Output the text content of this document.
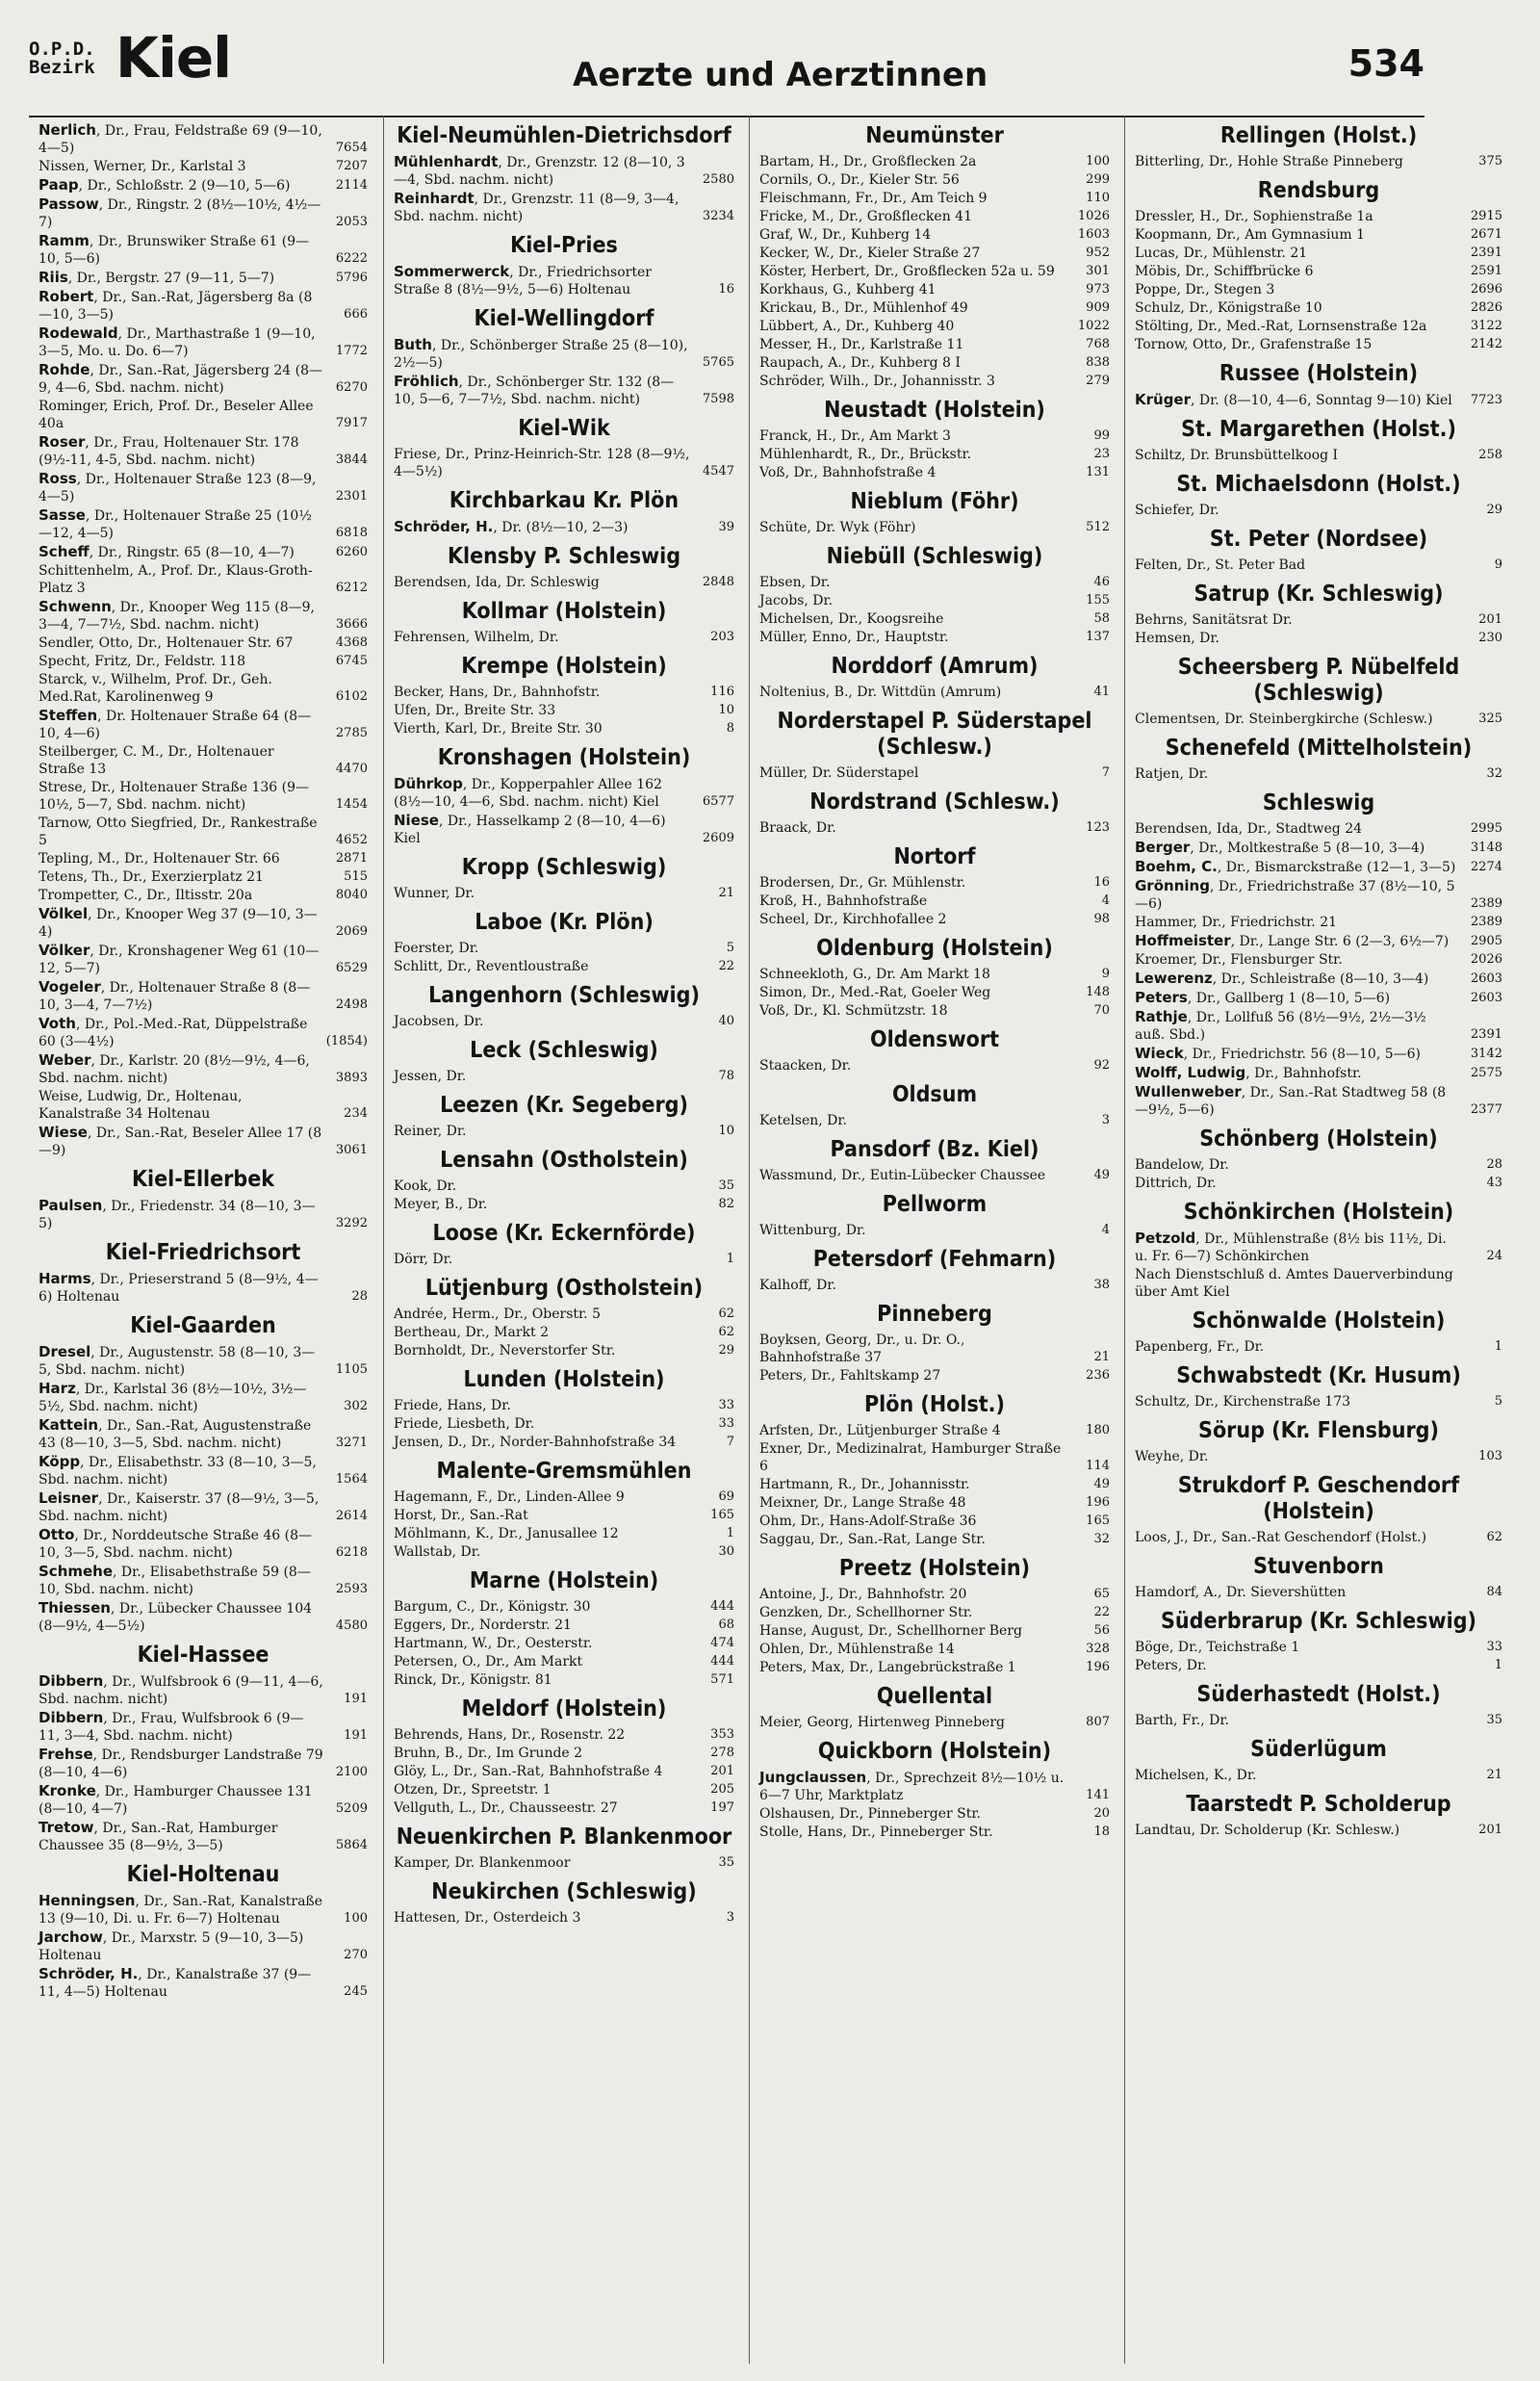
O.P.D.
Bezirk Kiel	Aerzte und Aerztinnen	534
Nerlich, Dr., Frau, Feldstraße 69 (9—10, 4—5)	7654
Nissen, Werner, Dr., Karlstal 3	7207
Paap, Dr., Schloßstr. 2 (9—10, 5—6)	2114
Passow, Dr., Ringstr. 2 (8½—10½, 4½—7)	2053
Ramm, Dr., Brunswiker Straße 61 (9—10, 5—6)	6222
Riis, Dr., Bergstr. 27 (9—11, 5—7)	5796
Robert, Dr., San.-Rat, Jägersberg 8a (8—10, 3—5)	666
Rodewald, Dr., Marthastraße 1 (9—10, 3—5, Mo. u. Do. 6—7)	1772
Rohde, Dr., San.-Rat, Jägersberg 24 (8—9, 4—6, Sbd. nachm. nicht)	6270
Rominger, Erich, Prof. Dr., Beseler Allee 40a	7917
Roser, Dr., Frau, Holtenauer Str. 178 (9½-11, 4-5, Sbd. nachm. nicht)	3844
Ross, Dr., Holtenauer Straße 123 (8—9, 4—5)	2301
Sasse, Dr., Holtenauer Straße 25 (10½—12, 4—5)	6818
Scheff, Dr., Ringstr. 65 (8—10, 4—7)	6260
Schittenhelm, A., Prof. Dr., Klaus-Groth-Platz 3	6212
Schwenn, Dr., Knooper Weg 115 (8—9, 3—4, 7—7½, Sbd. nachm. nicht)	3666
Sendler, Otto, Dr., Holtenauer Str. 67	4368
Specht, Fritz, Dr., Feldstr. 118	6745
Starck, v., Wilhelm, Prof. Dr., Geh. Med.Rat, Karolinenweg 9	6102
Steffen, Dr. Holtenauer Straße 64 (8—10, 4—6)	2785
Steilberger, C. M., Dr., Holtenauer Straße 13	4470
Strese, Dr., Holtenauer Straße 136 (9—10½, 5—7, Sbd. nachm. nicht)	1454
Tarnow, Otto Siegfried, Dr., Rankestraße 5	4652
Tepling, M., Dr., Holtenauer Str. 66	2871
Tetens, Th., Dr., Exerzierplatz 21	515
Trompetter, C., Dr., Iltisstr. 20a	8040
Völkel, Dr., Knooper Weg 37 (9—10, 3—4)	2069
Völker, Dr., Kronshagener Weg 61 (10—12, 5—7)	6529
Vogeler, Dr., Holtenauer Straße 8 (8—10, 3—4, 7—7½)	2498
Voth, Dr., Pol.-Med.-Rat, Düppelstraße 60 (3—4½)	(1854)
Weber, Dr., Karlstr. 20 (8½—9½, 4—6, Sbd. nachm. nicht)	3893
Weise, Ludwig, Dr., Holtenau, Kanalstraße 34 Holtenau	234
Wiese, Dr., San.-Rat, Beseler Allee 17 (8—9)	3061
Kiel-Ellerbek
Paulsen, Dr., Friedenstr. 34 (8—10, 3—5)	3292
Kiel-Friedrichsort
Harms, Dr., Prieserstrand 5 (8—9½, 4—6) Holtenau	28
Kiel-Gaarden
Dresel, Dr., Augustenstr. 58 (8—10, 3—5, Sbd. nachm. nicht)	1105
Harz, Dr., Karlstal 36 (8½—10½, 3½—5½, Sbd. nachm. nicht)	302
Kattein, Dr., San.-Rat, Augustenstraße 43 (8—10, 3—5, Sbd. nachm. nicht)	3271
Köpp, Dr., Elisabethstr. 33 (8—10, 3—5, Sbd. nachm. nicht)	1564
Leisner, Dr., Kaiserstr. 37 (8—9½, 3—5, Sbd. nachm. nicht)	2614
Otto, Dr., Norddeutsche Straße 46 (8—10, 3—5, Sbd. nachm. nicht)	6218
Schmehe, Dr., Elisabethstraße 59 (8—10, Sbd. nachm. nicht)	2593
Thiessen, Dr., Lübecker Chaussee 104 (8—9½, 4—5½)	4580
Kiel-Hassee
Dibbern, Dr., Wulfsbrook 6 (9—11, 4—6, Sbd. nachm. nicht)	191
Dibbern, Dr., Frau, Wulfsbrook 6 (9—11, 3—4, Sbd. nachm. nicht)	191
Frehse, Dr., Rendsburger Landstraße 79 (8—10, 4—6)	2100
Kronke, Dr., Hamburger Chaussee 131 (8—10, 4—7)	5209
Tretow, Dr., San.-Rat, Hamburger Chaussee 35 (8—9½, 3—5)	5864
Kiel-Holtenau
Henningsen, Dr., San.-Rat, Kanalstraße 13 (9—10, Di. u. Fr. 6—7) Holtenau	100
Jarchow, Dr., Marxstr. 5 (9—10, 3—5) Holtenau	270
Schröder, H., Dr., Kanalstraße 37 (9—11, 4—5) Holtenau	245
Kiel-Neumühlen-Dietrichsdorf
Mühlenhardt, Dr., Grenzstr. 12 (8—10, 3—4, Sbd. nachm. nicht)	2580
Reinhardt, Dr., Grenzstr. 11 (8—9, 3—4, Sbd. nachm. nicht)	3234
Kiel-Pries
Sommerwerck, Dr., Friedrichsorter Straße 8 (8½—9½, 5—6) Holtenau	16
Kiel-Wellingdorf
Buth, Dr., Schönberger Straße 25 (8—10), 2½—5)	5765
Fröhlich, Dr., Schönberger Str. 132 (8—10, 5—6, 7—7½, Sbd. nachm. nicht)	7598
Kiel-Wik
Friese, Dr., Prinz-Heinrich-Str. 128 (8—9½, 4—5½)	4547
Kirchbarkau Kr. Plön
Schröder, H., Dr. (8½—10, 2—3)	39
Klensby P. Schleswig
Berendsen, Ida, Dr. Schleswig	2848
Kollmar (Holstein)
Fehrensen, Wilhelm, Dr.	203
Krempe (Holstein)
Becker, Hans, Dr., Bahnhofstr.	116
Ufen, Dr., Breite Str. 33	10
Vierth, Karl, Dr., Breite Str. 30	8
Kronshagen (Holstein)
Dührkop, Dr., Kopperpahler Allee 162 (8½—10, 4—6, Sbd. nachm. nicht) Kiel	6577
Niese, Dr., Hasselkamp 2 (8—10, 4—6) Kiel	2609
Kropp (Schleswig)
Wunner, Dr.	21
Laboe (Kr. Plön)
Foerster, Dr.	5
Schlitt, Dr., Reventloustraße	22
Langenhorn (Schleswig)
Jacobsen, Dr.	40
Leck (Schleswig)
Jessen, Dr.	78
Leezen (Kr. Segeberg)
Reiner, Dr.	10
Lensahn (Ostholstein)
Kook, Dr.	35
Meyer, B., Dr.	82
Loose (Kr. Eckernförde)
Dörr, Dr.	1
Lütjenburg (Ostholstein)
Andrée, Herm., Dr., Oberstr. 5	62
Bertheau, Dr., Markt 2	62
Bornholdt, Dr., Neverstorfer Str.	29
Lunden (Holstein)
Friede, Hans, Dr.	33
Friede, Liesbeth, Dr.	33
Jensen, D., Dr., Norder-Bahnhofstraße 34	7
Malente-Gremsmühlen
Hagemann, F., Dr., Linden-Allee 9	69
Horst, Dr., San.-Rat	165
Möhlmann, K., Dr., Janusallee 12	1
Wallstab, Dr.	30
Marne (Holstein)
Bargum, C., Dr., Königstr. 30	444
Eggers, Dr., Norderstr. 21	68
Hartmann, W., Dr., Oesterstr.	474
Petersen, O., Dr., Am Markt	444
Rinck, Dr., Königstr. 81	571
Meldorf (Holstein)
Behrends, Hans, Dr., Rosenstr. 22	353
Bruhn, B., Dr., Im Grunde 2	278
Glöy, L., Dr., San.-Rat, Bahnhofstraße 4	201
Otzen, Dr., Spreetstr. 1	205
Vellguth, L., Dr., Chausseestr. 27	197
Neuenkirchen P. Blankenmoor
Kamper, Dr. Blankenmoor	35
Neukirchen (Schleswig)
Hattesen, Dr., Osterdeich 3	3
Neumünster
Bartam, H., Dr., Großflecken 2a	100
Cornils, O., Dr., Kieler Str. 56	299
Fleischmann, Fr., Dr., Am Teich 9	110
Fricke, M., Dr., Großflecken 41	1026
Graf, W., Dr., Kuhberg 14	1603
Kecker, W., Dr., Kieler Straße 27	952
Köster, Herbert, Dr., Großflecken 52a u. 59 301
Korkhaus, G., Kuhberg 41	973
Krickau, B., Dr., Mühlenhof 49	909
Lübbert, A., Dr., Kuhberg 40	1022
Messer, H., Dr., Karlstraße 11	768
Raupach, A., Dr., Kuhberg 8 I	838
Schröder, Wilh., Dr., Johannisstr. 3	279
Neustadt (Holstein)
Franck, H., Dr., Am Markt 3	99
Mühlenhardt, R., Dr., Brückstr.	23
Voß, Dr., Bahnhofstraße 4	131
Nieblum (Föhr)
Schüte, Dr. Wyk (Föhr)	512
Niebüll (Schleswig)
Ebsen, Dr.	46
Jacobs, Dr.	155
Michelsen, Dr., Koogsreihe	58
Müller, Enno, Dr., Hauptstr.	137
Norddorf (Amrum)
Noltenius, B., Dr. Wittdün (Amrum)	41
Norderstapel P. Süderstapel (Schlesw.)
Müller, Dr. Süderstapel	7
Nordstrand (Schlesw.)
Braack, Dr.	123
Nortorf
Brodersen, Dr., Gr. Mühlenstr.	16
Kroß, H., Bahnhofstraße	4
Scheel, Dr., Kirchhofallee 2	98
Oldenburg (Holstein)
Schneekloth, G., Dr. Am Markt 18	9
Simon, Dr., Med.-Rat, Goeler Weg	148
Voß, Dr., Kl. Schmützstr. 18	70
Oldenswort
Staacken, Dr.	92
Oldsum
Ketelsen, Dr.	3
Pansdorf (Bz. Kiel)
Wassmund, Dr., Eutin-Lübecker Chaussee	49
Pellworm
Wittenburg, Dr.	4
Petersdorf (Fehmarn)
Kalhoff, Dr.	38
Pinneberg
Boyksen, Georg, Dr., u. Dr. O., Bahnhofstraße 37	21
Peters, Dr., Fahltskamp 27	236
Plön (Holst.)
Arfsten, Dr., Lütjenburger Straße 4	180
Exner, Dr., Medizinalrat, Hamburger Straße 6	114
Hartmann, R., Dr., Johannisstr.	49
Meixner, Dr., Lange Straße 48	196
Ohm, Dr., Hans-Adolf-Straße 36	165
Saggau, Dr., San.-Rat, Lange Str.	32
Preetz (Holstein)
Antoine, J., Dr., Bahnhofstr. 20	65
Genzken, Dr., Schellhorner Str.	22
Hanse, August, Dr., Schellhorner Berg	56
Ohlen, Dr., Mühlenstraße 14	328
Peters, Max, Dr., Langebrückstraße 1	196
Quellental
Meier, Georg, Hirtenweg Pinneberg	807
Quickborn (Holstein)
Jungclaussen, Dr., Sprechzeit 8½—10½ u. 6—7 Uhr, Marktplatz	141
Olshausen, Dr., Pinneberger Str.	20
Stolle, Hans, Dr., Pinneberger Str.	18
Rellingen (Holst.)
Bitterling, Dr., Hohle Straße Pinneberg	375
Rendsburg
Dressler, H., Dr., Sophienstraße 1a	2915
Koopmann, Dr., Am Gymnasium 1	2671
Lucas, Dr., Mühlenstr. 21	2391
Möbis, Dr., Schiffbrücke 6	2591
Poppe, Dr., Stegen 3	2696
Schulz, Dr., Königstraße 10	2826
Stölting, Dr., Med.-Rat, Lornsenstraße 12a	3122
Tornow, Otto, Dr., Grafenstraße 15	2142
Russee (Holstein)
Krüger, Dr. (8—10, 4—6, Sonntag 9—10) Kiel 7723
St. Margarethen (Holst.)
Schiltz, Dr. Brunsbüttelkoog I	258
St. Michaelsdonn (Holst.)
Schiefer, Dr.	29
St. Peter (Nordsee)
Felten, Dr., St. Peter Bad	9
Satrup (Kr. Schleswig)
Behrns, Sanitätsrat Dr.	201
Hemsen, Dr.	230
Scheersberg P. Nübelfeld (Schleswig)
Clementsen, Dr. Steinbergkirche (Schlesw.)	325
Schenefeld (Mittelholstein)
Ratjen, Dr.	32
Schleswig
Berendsen, Ida, Dr., Stadtweg 24	2995
Berger, Dr., Moltkestraße 5 (8—10, 3—4)	3148
Boehm, C., Dr., Bismarckstraße (12—1, 3—5) 2274
Grönning, Dr., Friedrichstraße 37 (8½—10, 5—6)	2389
Hammer, Dr., Friedrichstr. 21	2389
Hoffmeister, Dr., Lange Str. 6 (2—3, 6½—7) 2905
Kroemer, Dr., Flensburger Str.	2026
Lewerenz, Dr., Schleistraße (8—10, 3—4)	2603
Peters, Dr., Gallberg 1 (8—10, 5—6)	2603
Rathje, Dr., Lollfuß 56 (8½—9½, 2½—3½ auß. Sbd.)	2391
Wieck, Dr., Friedrichstr. 56 (8—10, 5—6)	3142
Wolff, Ludwig, Dr., Bahnhofstr.	2575
Wullenweber, Dr., San.-Rat Stadtweg 58 (8—9½, 5—6)	2377
Schönberg (Holstein)
Bandelow, Dr.	28
Dittrich, Dr.	43
Schönkirchen (Holstein)
Petzold, Dr., Mühlenstraße (8½ bis 11½, Di. u. Fr. 6—7) Schönkirchen	24
Nach Dienstschluß d. Amtes Dauerverbindung über Amt Kiel
Schönwalde (Holstein)
Papenberg, Fr., Dr.	1
Schwabstedt (Kr. Husum)
Schultz, Dr., Kirchenstraße 173	5
Sörup (Kr. Flensburg)
Weyhe, Dr.	103
Strukdorf P. Geschendorf (Holstein)
Loos, J., Dr., San.-Rat Geschendorf (Holst.)	62
Stuvenborn
Hamdorf, A., Dr. Sievershütten	84
Süderbrarup (Kr. Schleswig)
Böge, Dr., Teichstraße 1	33
Peters, Dr.	1
Süderhastedt (Holst.)
Barth, Fr., Dr.	35
Süderlügum
Michelsen, K., Dr.	21
Taarstedt P. Scholderup
Landtau, Dr. Scholderup (Kr. Schlesw.)	201
